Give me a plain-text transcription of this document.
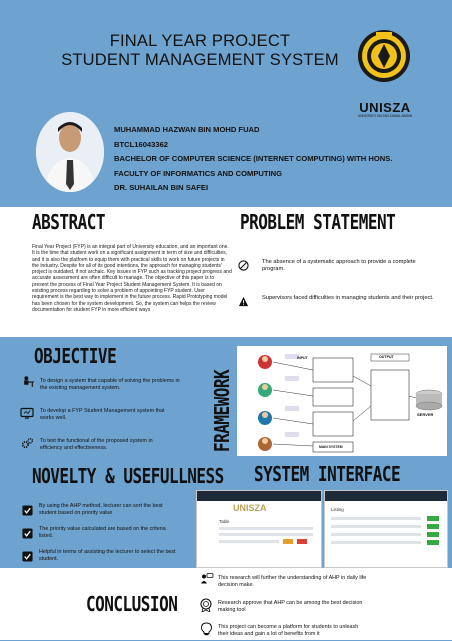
FINAL YEAR PROJECT
STUDENT MANAGEMENT SYSTEM
UNISZA
UNIVERSITI SULTAN ZAINAL ABIDIN
MUHAMMAD HAZWAN BIN MOHD FUAD
BTCL16043362
BACHELOR OF COMPUTER SCIENCE (INTERNET COMPUTING) WITH HONS.
FACULTY OF INFORMATICS AND COMPUTING
DR. SUHAILAN BIN SAFEI
ABSTRACT
Final Year Project (FYP) is an integral part of University education, and an important one. It is the time that student work on a significant assignment in term of size and difficulties, and it is also the platform to equip them with practical skills to work on future projects in the industry. Despite for all of its good intentions, the approach for managing students' project is outdated, if not archaic. Key issues in FYP such as tracking project progress and accurate assessment are often difficult to manage. The objective of this paper is to present the process of Final Year Project Student Management System. It is based on existing process regarding to solve a problem of appointing FYP student. User requirement is the best way to implement in the future process. Rapid Prototyping model has been chosen for the system development. So, the system can helps the review documentation for student FYP in more efficient ways
PROBLEM STATEMENT
The absence of a systematic approach to provide a complete program.
Supervisors faced difficulties in managing students and their project.
OBJECTIVE
To design a system that capable of solving the problems in the existing management system.
To develop a FYP Student Management system that works well.
To test the functional of the proposed system in efficiency and effectiveness.	FRAMEWORK
INPUT	OUTPUT
SERVER
MAIN SYSTEM
NOVELTY & USEFULLNESS
By using the AHP method, lecturer can sort the best student based on priority value
The priority value calculated are based on the criteria listed.
Helpful in terms of assisting the lecturer to select the best student.
SYSTEM INTERFACE
UNISZA
Table
Listing
CONCLUSION
This research will further the understanding of AHP in daily life decision make.
Research approve that AHP can be among the best decision making tool
This project can become a platform for students to unleash their ideas and gain a lot of benefits from it
